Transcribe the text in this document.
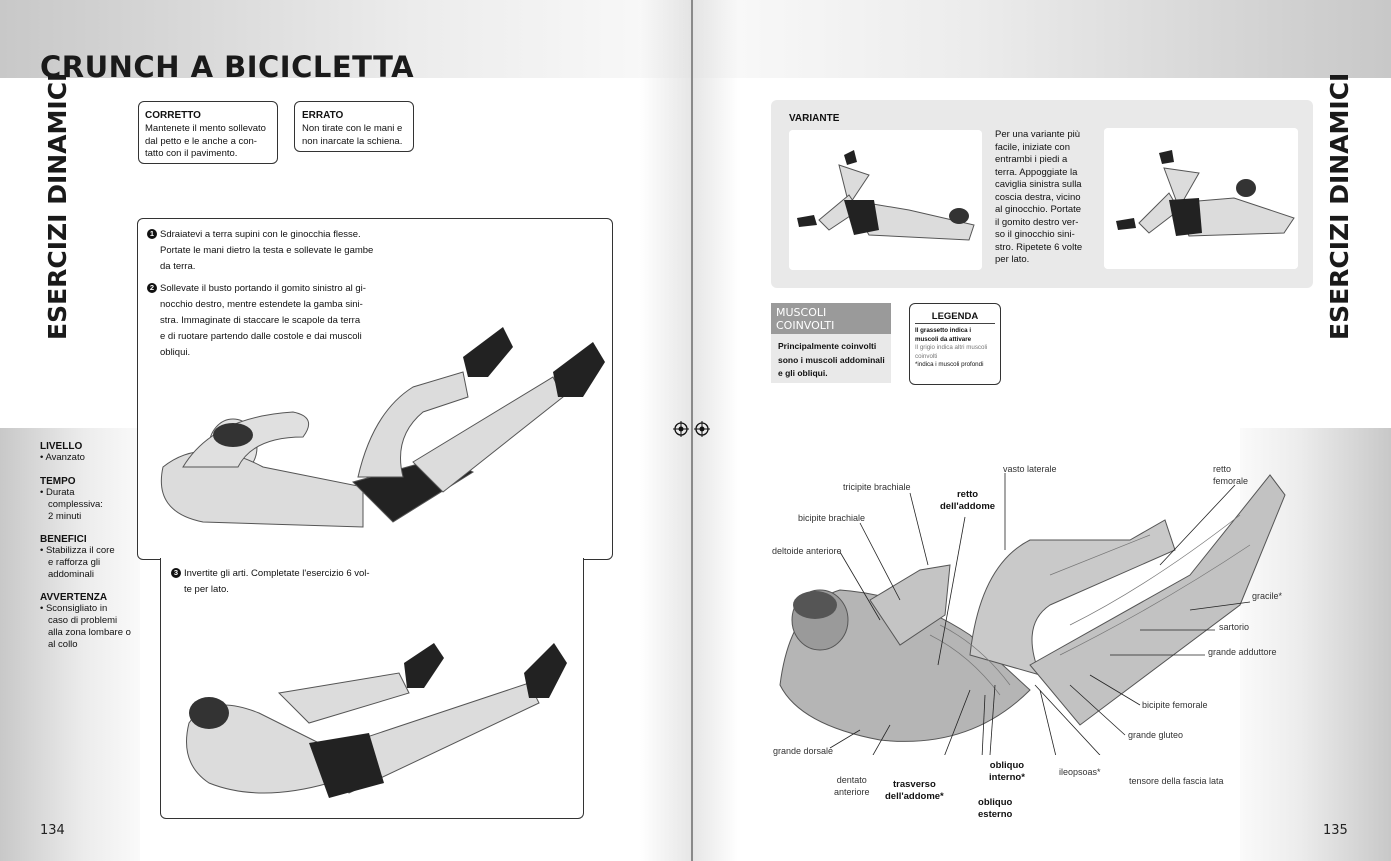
CRUNCH A BICICLETTA
ESERCIZI DINAMICI	CORRETTO
Mantenete il mento sollevato
dal petto e le anche a con-
tatto con il pavimento.
ERRATO
Non tirate con le mani e
non inarcate la schiena.
1 Sdraiatevi a terra supini con le ginocchia flesse.
Portate le mani dietro la testa e sollevate le gambe
da terra.
2 Sollevate il busto portando il gomito sinistro al gi-
nocchio destro, mentre estendete la gamba sini-
stra. Immaginate di staccare le scapole da terra
e di ruotare partendo dalle costole e dai muscoli
obliqui.
3 Invertite gli arti. Completate l'esercizio 6 vol-
te per lato.
LIVELLO
• Avanzato
TEMPO
• Durata
complessiva:
2 minuti
BENEFICI
• Stabilizza il core
e rafforza gli
addominali
AVVERTENZA
• Sconsigliato in
caso di problemi
alla zona lombare o
al collo
134
VARIANTE
Per una variante più
facile, iniziate con
entrambi i piedi a
terra. Appoggiate la
caviglia sinistra sulla
coscia destra, vicino
al ginocchio. Portate
il gomito destro ver-
so il ginocchio sini-
stro. Ripetete 6 volte
per lato.	ESERCIZI DINAMICI
MUSCOLI
COINVOLTI
Principalmente coinvolti
sono i muscoli addominali
e gli obliqui.
LEGENDA
Il grassetto indica i
muscoli da attivare
Il grigio indica altri muscoli
coinvolti
*indica i muscoli profondi
vasto laterale	retto
femorale
tricipite brachiale
retto
dell'addome
bicipite brachiale
deltoide anteriore
gracile*
sartorio
grande adduttore
bicipite femorale
grande gluteo
grande dorsale
obliquo
interno*	ileopsoas*
tensore della fascia lata
dentato
anteriore
trasverso
dell'addome*
obliquo
esterno
135
